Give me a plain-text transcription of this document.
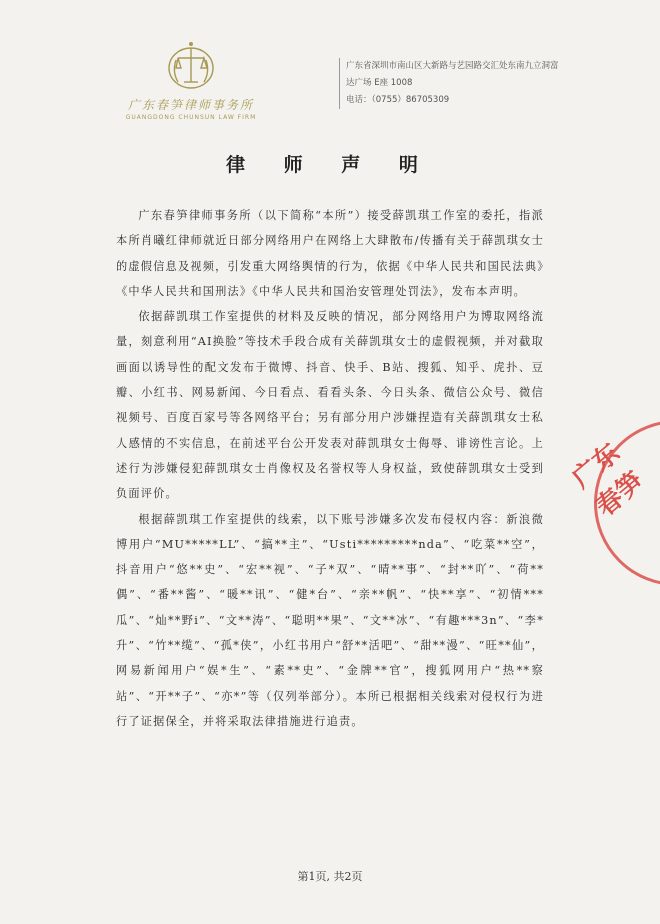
广东春笋律师事务所
GUANGDONG CHUNSUN LAW FIRM
广东省深圳市南山区大新路与艺园路交汇处东南九立洞富
达广场 E座 1008
电话：（0755）86705309
律 师 声 明

广东春笋律师事务所（以下简称“本所”）接受薛凯琪工作室的委托，指派本所肖曦红律师就近日部分网络用户在网络上大肆散布/传播有关于薛凯琪女士的虚假信息及视频，引发重大网络舆情的行为，依据《中华人民共和国民法典》《中华人民共和国刑法》《中华人民共和国治安管理处罚法》，发布本声明。

依据薛凯琪工作室提供的材料及反映的情况，部分网络用户为博取网络流量，刻意利用“AI换脸”等技术手段合成有关薛凯琪女士的虚假视频，并对截取画面以诱导性的配文发布于微博、抖音、快手、B站、搜狐、知乎、虎扑、豆瓣、小红书、网易新闻、今日看点、看看头条、今日头条、微信公众号、微信视频号、百度百家号等各网络平台；另有部分用户涉嫌捏造有关薛凯琪女士私人感情的不实信息，在前述平台公开发表对薛凯琪女士侮辱、诽谤性言论。上述行为涉嫌侵犯薛凯琪女士肖像权及名誉权等人身权益，致使薛凯琪女士受到负面评价。

根据薛凯琪工作室提供的线索，以下账号涉嫌多次发布侵权内容：新浪微博用户“MU*****LL”、“搞**主”、“Usti*********nda”、“吃菜**空”，抖音用户“悠**史”、“宏**视”、“子*双”、“晴**事”、“封**吖”、“荷**偶”、“番**酱”、“暖**讯”、“健*台”、“亲**帆”、“快**享”、“初情***瓜”、“灿**野i”、“文**涛”、“聪明**果”、“文**冰”、“有趣***3n”、“李*升”、“竹**缆”、“孤*侠”，小红书用户“舒**活吧”、“甜**漫”、“旺**仙”，网易新闻用户“娱*生”、“素**史”、“金牌**官”，搜狐网用户“热**察站”、“开**子”、“亦*”等（仅列举部分）。本所已根据相关线索对侵权行为进行了证据保全，并将采取法律措施进行追责。

广东春笋
第1页, 共2页
